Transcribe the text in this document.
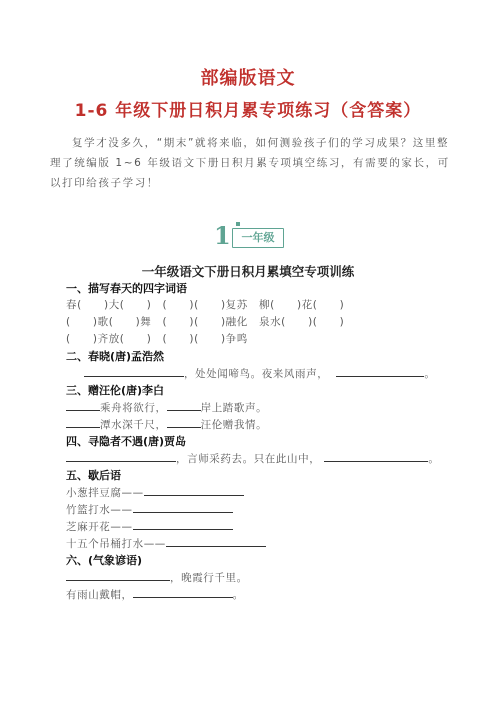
部编版语文
1-6 年级下册日积月累专项练习（含答案）
复学才没多久，“期末”就将来临，如何测验孩子们的学习成果？这里整理了统编版 1~6 年级语文下册日积月累专项填空练习，有需要的家长，可以打印给孩子学习！
1 一年级
一年级语文下册日积月累填空专项训练
一、描写春天的四字词语
春(　　)大(　　)　(　　)(　　)复苏　柳(　　)花(　　)
(　　)歌(　　)舞　(　　)(　　)融化　泉水(　　)(　　)
(　　)齐放(　　)　(　　)(　　)争鸣
二、春晓(唐)孟浩然
，处处闻啼鸟。夜来风雨声，	。
三、赠汪伦(唐)李白
乘舟将欲行，	岸上踏歌声。
潭水深千尺，	汪伦赠我情。
四、寻隐者不遇(唐)贾岛
，言师采药去。只在此山中，	。
五、歇后语
小葱拌豆腐——
竹篮打水——
芝麻开花——
十五个吊桶打水——
六、(气象谚语)
，晚霞行千里。
有雨山戴帽，	。
